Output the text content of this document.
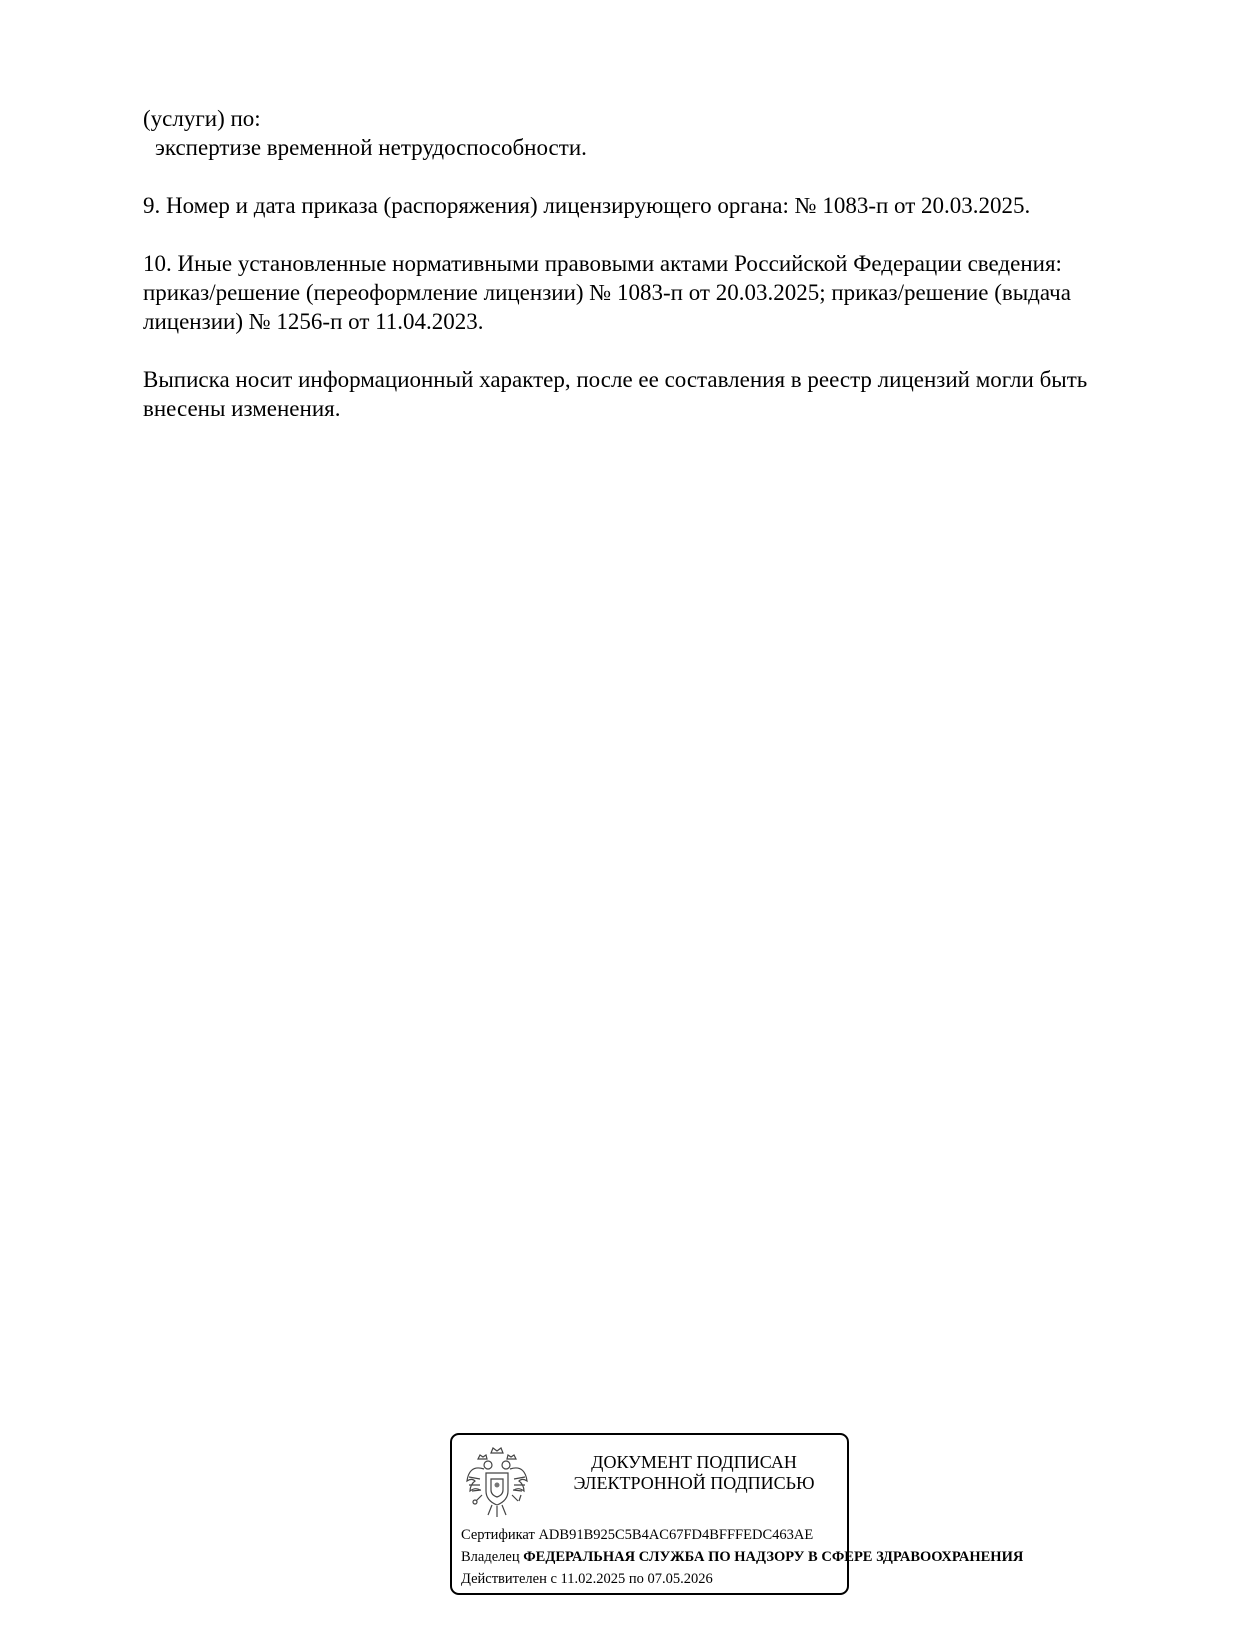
(услуги) по:

экспертизе временной нетрудоспособности.

9. Номер и дата приказа (распоряжения) лицензирующего органа: № 1083-п от 20.03.2025.

10. Иные установленные нормативными правовыми актами Российской Федерации сведения:

приказ/решение (переоформление лицензии) № 1083-п от 20.03.2025; приказ/решение (выдача

лицензии) № 1256-п от 11.04.2023.

Выписка носит информационный характер, после ее составления в реестр лицензий могли быть

внесены изменения.

ДОКУМЕНТ ПОДПИСАН
ЭЛЕКТРОННОЙ ПОДПИСЬЮ
Сертификат ADB91B925C5B4AC67FD4BFFFEDC463AE
Владелец ФЕДЕРАЛЬНАЯ СЛУЖБА ПО НАДЗОРУ В СФЕРЕ ЗДРАВООХРАНЕНИЯ
Действителен с 11.02.2025 по 07.05.2026
